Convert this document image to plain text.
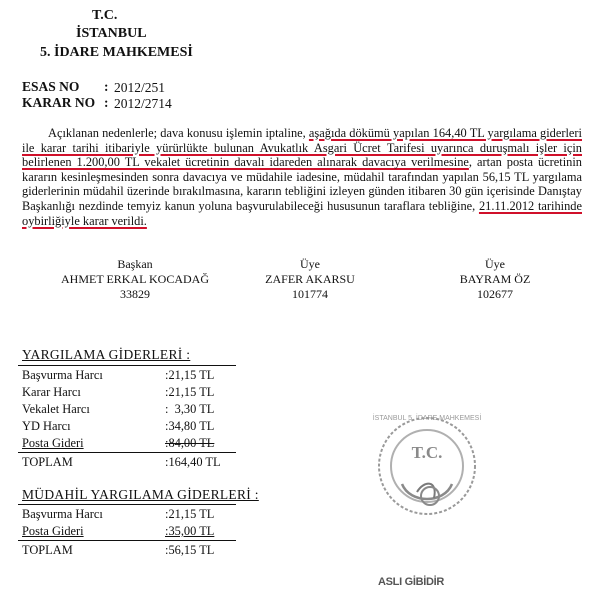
T.C.
İSTANBUL
5. İDARE MAHKEMESİ
ESAS NO : 2012/251
KARAR NO : 2012/2714
Açıklanan nedenlerle; dava konusu işlemin iptaline, aşağıda dökümü yapılan 164,40 TL yargılama giderleri ile karar tarihi itibariyle yürürlükte bulunan Avukatlık Asgari Ücret Tarifesi uyarınca duruşmalı işler için belirlenen 1.200,00 TL vekalet ücretinin davalı idareden alınarak davacıya verilmesine, artan posta ücretinin kararın kesinleşmesinden sonra davacıya ve müdahile iadesine, müdahil tarafından yapılan 56,15 TL yargılama giderlerinin müdahil üzerinde bırakılmasına, kararın tebliğini izleyen günden itibaren 30 gün içerisinde Danıştay Başkanlığı nezdinde temyiz kanun yoluna başvurulabileceği hususunun taraflara tebliğine, 21.11.2012 tarihinde oybirliğiyle karar verildi.
Başkan
AHMET ERKAL KOCADAĞ
33829
Üye
ZAFER AKARSU
101774
Üye
BAYRAM ÖZ
102677
YARGILAMA GİDERLERİ :
Başvurma Harcı	:21,15 TL
Karar Harcı	:21,15 TL
Vekalet Harcı	:  3,30 TL
YD Harcı	:34,80 TL
Posta Gideri	:84,00 TL
TOPLAM	:164,40 TL
MÜDAHİL YARGILAMA GİDERLERİ :
Başvurma Harcı	:21,15 TL
Posta Gideri	:35,00 TL
TOPLAM	:56,15 TL
T.C.
İSTANBUL 5. İDARE MAHKEMESİ
ASLI GİBİDİR
